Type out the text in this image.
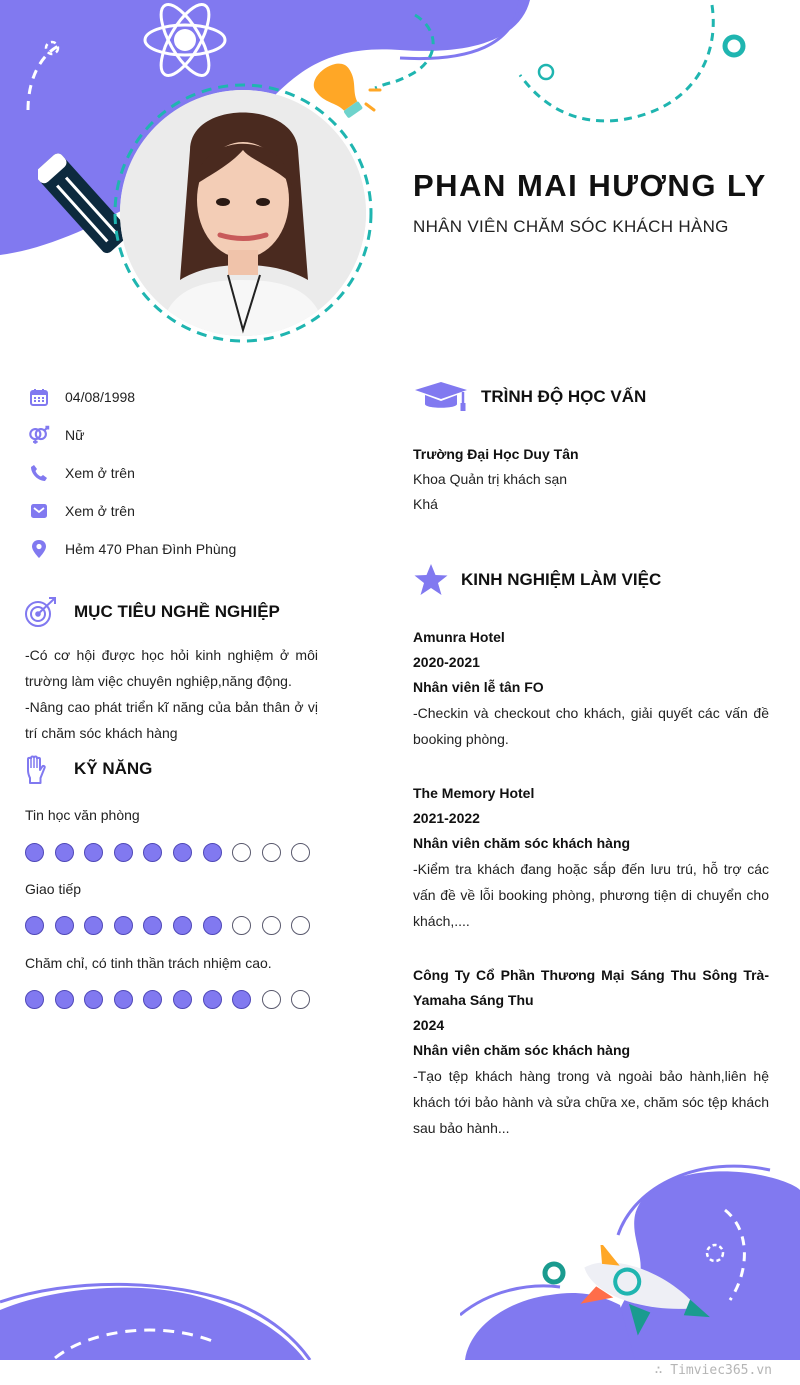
PHAN MAI HƯƠNG LY
NHÂN VIÊN CHĂM SÓC KHÁCH HÀNG
04/08/1998
Nữ
Xem ở trên
Xem ở trên
Hẻm 470 Phan Đình Phùng
MỤC TIÊU NGHỀ NGHIỆP
-Có cơ hội được học hỏi kinh nghiệm ở môi trường làm việc chuyên nghiệp,năng động.
-Nâng cao phát triển kĩ năng của bản thân ở vị trí chăm sóc khách hàng
KỸ NĂNG
Tin học văn phòng
Giao tiếp
Chăm chỉ, có tinh thần trách nhiệm cao.
TRÌNH ĐỘ HỌC VẤN
Trường Đại Học Duy Tân
Khoa Quản trị khách sạn
Khá
KINH NGHIỆM LÀM VIỆC
Amunra Hotel
2020-2021
Nhân viên lễ tân FO
-Checkin và checkout cho khách, giải quyết các vấn đề booking phòng.
The Memory Hotel
2021-2022
Nhân viên chăm sóc khách hàng
-Kiểm tra khách đang hoặc sắp đến lưu trú, hỗ trợ các vấn đề về lỗi booking phòng, phương tiện di chuyển cho khách,....
Công Ty Cổ Phần Thương Mại Sáng Thu Sông Trà-Yamaha Sáng Thu
2024
Nhân viên chăm sóc khách hàng
-Tạo tệp khách hàng trong và ngoài bảo hành,liên hệ khách tới bảo hành và sửa chữa xe, chăm sóc tệp khách sau bảo hành...
∴ Timviec365.vn
